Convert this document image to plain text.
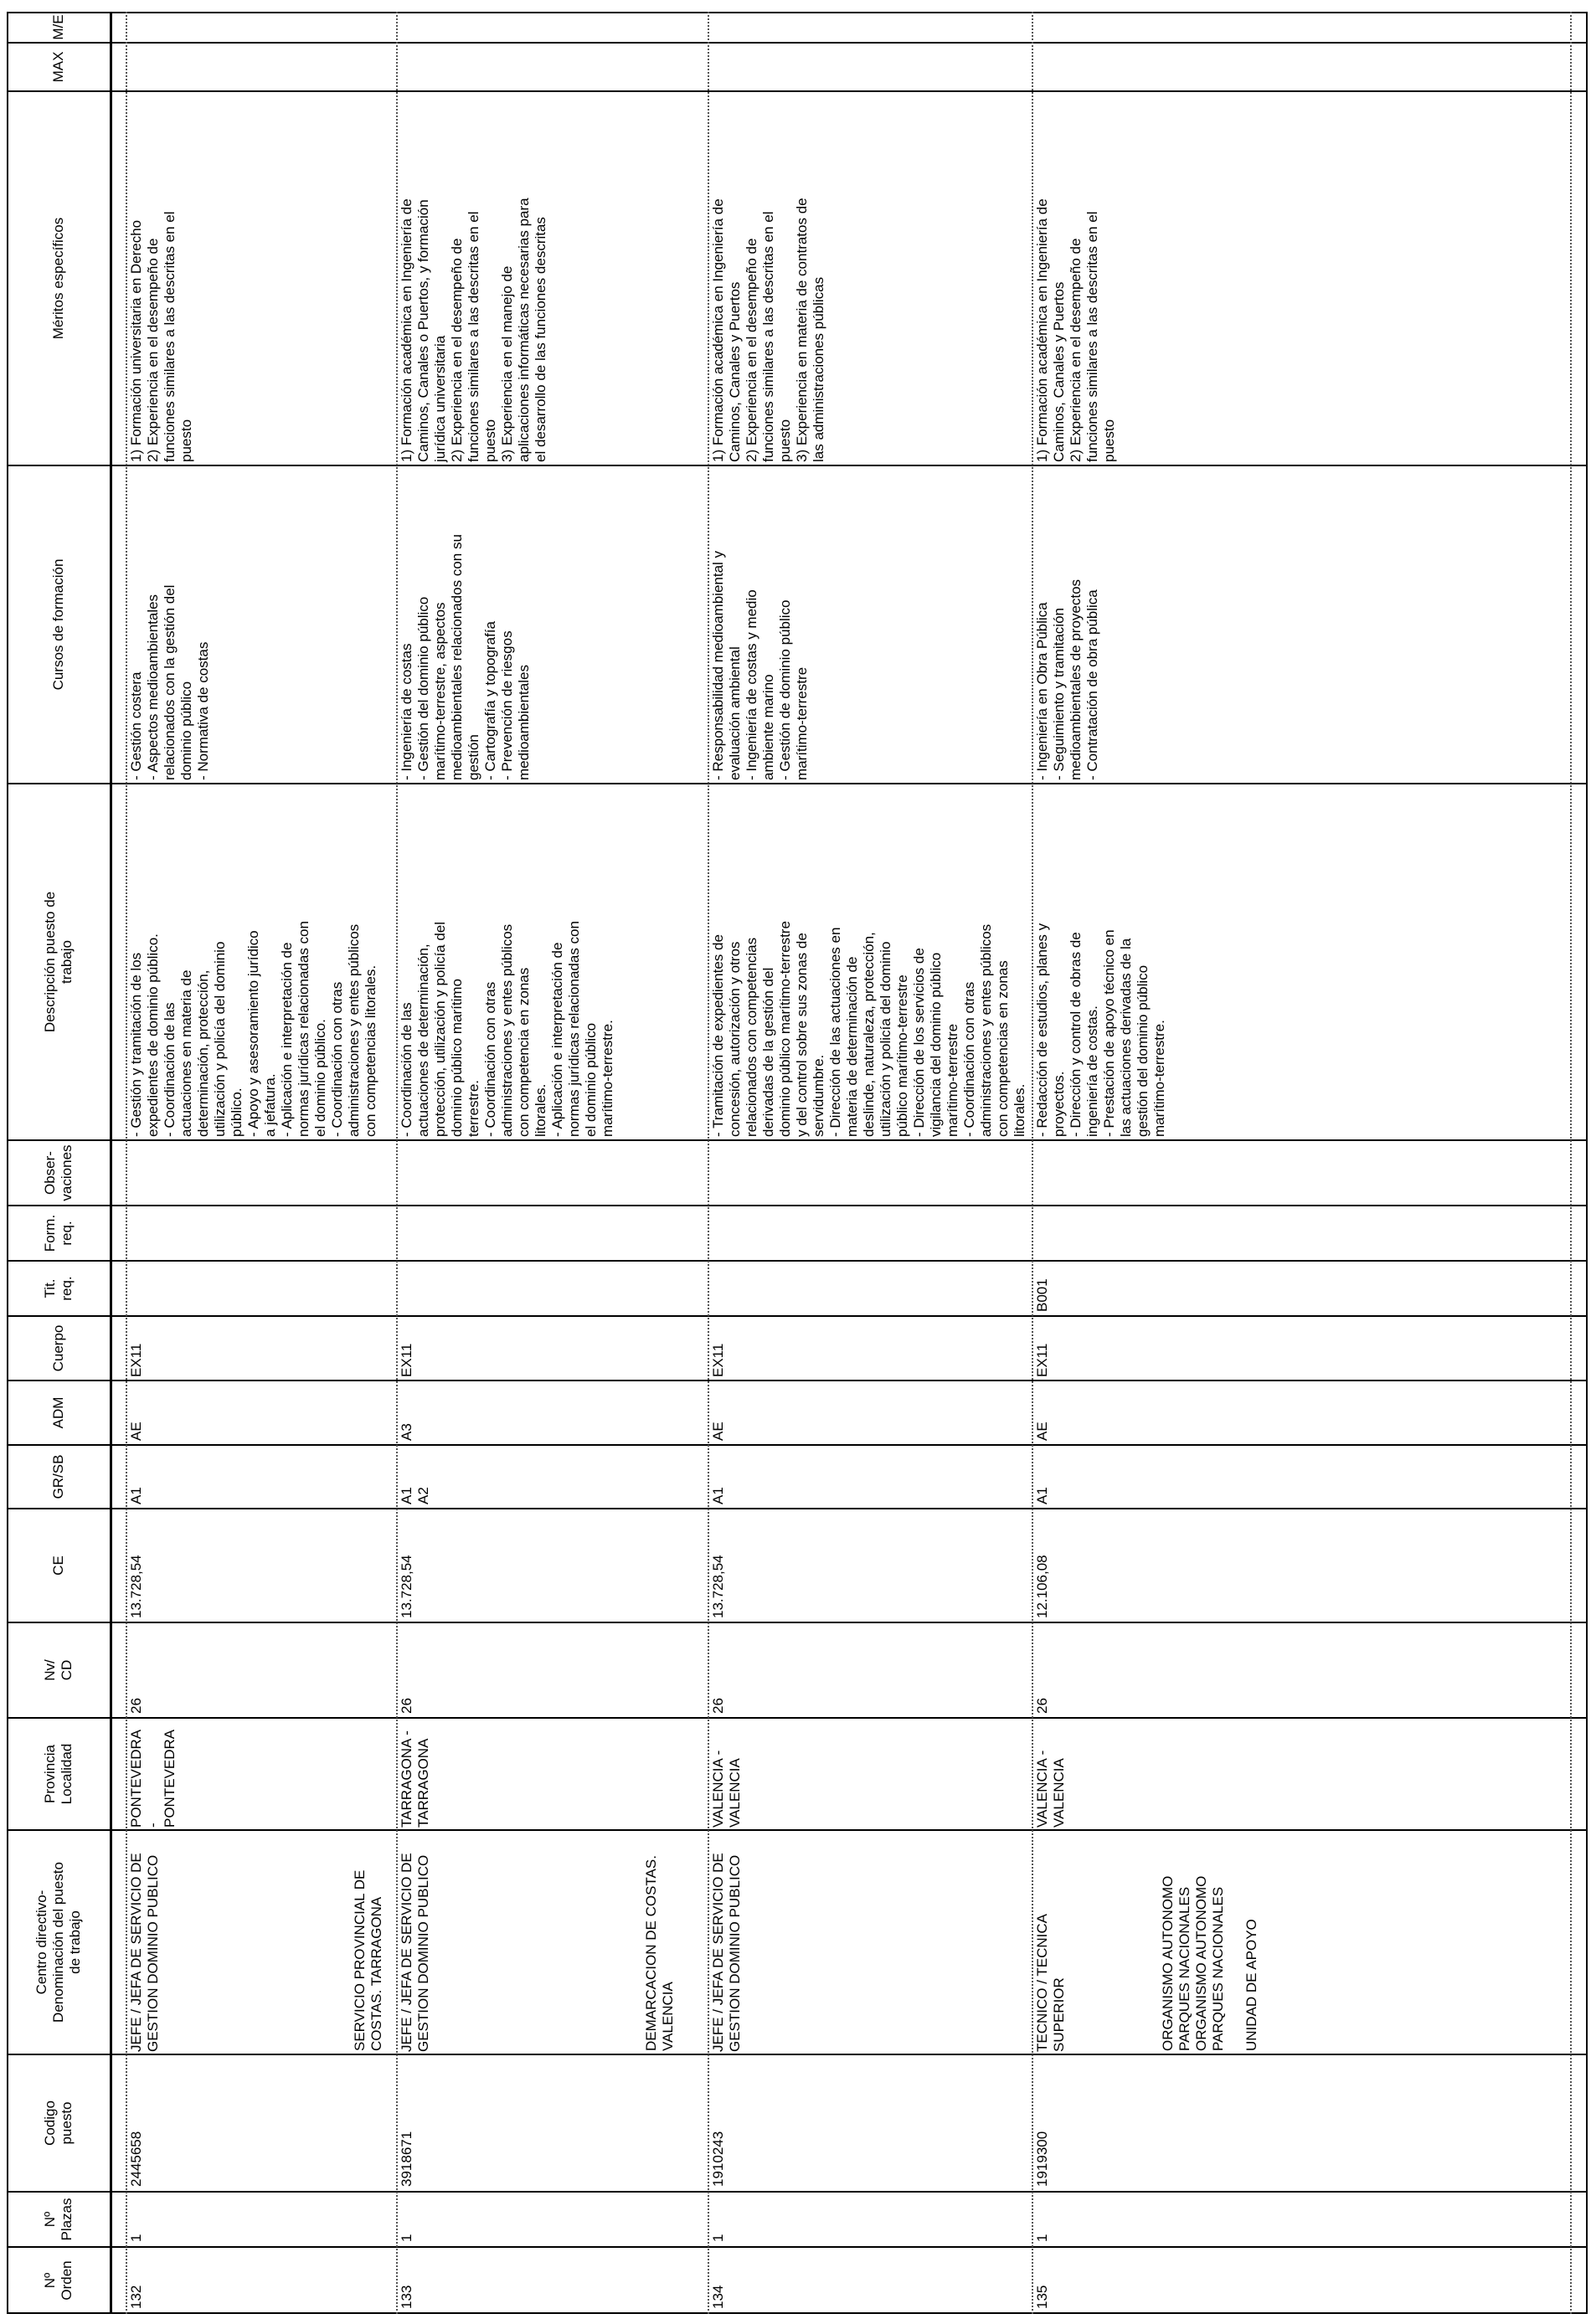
Nº
Orden
Nº
Plazas
Codigo
puesto
Centro directivo-
Denominación del puesto
de trabajo
Provincia
Localidad
Nv/
CD
CE
GR/SB
ADM
Cuerpo
Tit.
req.
Form.
req.
Obser-
vaciones
Descripción puesto de
trabajo
Cursos de formación
Méritos específicos
MAX
M/E
SERVICIO PROVINCIAL DE
COSTAS. TARRAGONA
DEMARCACION DE COSTAS.
VALENCIA	ORGANISMO AUTONOMO
PARQUES NACIONALES
ORGANISMO AUTONOMO
PARQUES NACIONALES

UNIDAD DE APOYO
132
1
2445658
JEFE / JEFA DE SERVICIO DE
GESTION DOMINIO PUBLICO
PONTEVEDRA
-
PONTEVEDRA
26
13.728,54
A1
AE
EX11
- Gestión y tramitación de los
expedientes de dominio público.
- Coordinación de las
actuaciones en materia de
determinación, protección,
utilización y policía del dominio
público.
- Apoyo y asesoramiento jurídico
a jefatura.
- Aplicación e interpretación de
normas jurídicas relacionadas con
el dominio público.
- Coordinación con otras
administraciones y entes públicos
con competencias litorales.
- Gestión costera
- Aspectos medioambientales
relacionados con la gestión del
dominio público
- Normativa de costas
1) Formación universitaria en Derecho
2) Experiencia en el desempeño de
funciones similares a las descritas en el
puesto
133
1
3918671
JEFE / JEFA DE SERVICIO DE
GESTION DOMINIO PUBLICO
TARRAGONA -
TARRAGONA
26
13.728,54
A1
A2
A3
EX11
- Coordinación de las
actuaciones de determinación,
protección, utilización y policía del
dominio público marítimo
terrestre.
- Coordinación con otras
administraciones y entes públicos
con competencia en zonas
litorales.
- Aplicación e interpretación de
normas jurídicas relacionadas con
el dominio público
marítimo-terrestre.
- Ingeniería de costas
- Gestión del dominio público
marítimo-terrestre, aspectos
medioambientales relacionados con su
gestión
- Cartografía y topografía
- Prevención de riesgos
medioambientales
1) Formación académica en Ingeniería de
Caminos, Canales o Puertos, y formación
jurídica universitaria
2) Experiencia en el desempeño de
funciones similares a las descritas en el
puesto
3) Experiencia en el manejo de
aplicaciones informáticas necesarias para
el desarrollo de las funciones descritas
134
1
1910243
JEFE / JEFA DE SERVICIO DE
GESTION DOMINIO PUBLICO
VALENCIA -
VALENCIA
26
13.728,54
A1
AE
EX11
- Tramitación de expedientes de
concesión, autorización y otros
relacionados con competencias
derivadas de la gestión del
dominio público marítimo-terrestre
y del control sobre sus zonas de
servidumbre.
- Dirección de las actuaciones en
materia de determinación de
deslinde, naturaleza, protección,
utilización y policía del dominio
público marítimo-terrestre
- Dirección de los servicios de
vigilancia del dominio público
marítimo-terrestre
- Coordinación con otras
administraciones y entes públicos
con competencias en zonas
litorales.
- Responsabilidad medioambiental y
evaluación ambiental
- Ingeniería de costas y medio
ambiente marino
- Gestión de dominio público
marítimo-terrestre
1) Formación académica en Ingeniería de
Caminos, Canales y Puertos
2) Experiencia en el desempeño de
funciones similares a las descritas en el
puesto
3) Experiencia en materia de contratos de
las administraciones públicas
135
1
1919300
TECNICO / TECNICA
SUPERIOR
VALENCIA -
VALENCIA
26
12.106,08
A1
AE
EX11
B001
- Redacción de estudios, planes y
proyectos.
- Dirección y control de obras de
ingeniería de costas.
- Prestación de apoyo técnico en
las actuaciones derivadas de la
gestión del dominio público
marítimo-terrestre.
- Ingeniería en Obra Pública
- Seguimiento y tramitación
medioambientales de proyectos
- Contratación de obra pública
1) Formación académica en Ingeniería de
Caminos, Canales y Puertos
2) Experiencia en el desempeño de
funciones similares a las descritas en el
puesto
